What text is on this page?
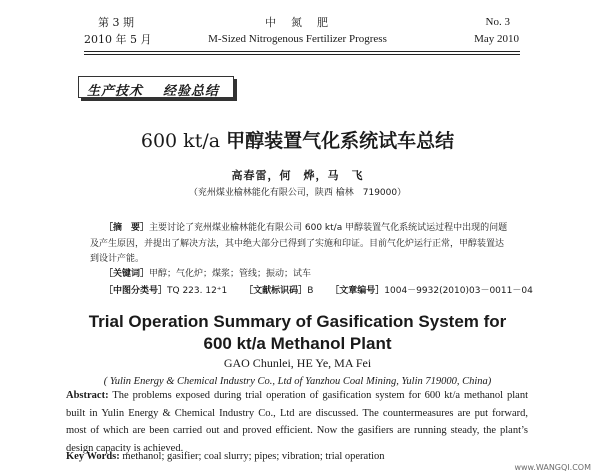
第 3 期
2010 年 5 月
中　氮　肥
M-Sized Nitrogenous Fertilizer Progress
No. 3
May 2010
生产技术 经验总结
600 kt/a 甲醇装置气化系统试车总结
高春雷，何　烨，马　飞
（兖州煤业榆林能化有限公司，陕西 榆林　719000）
［摘　要］主要讨论了兖州煤业榆林能化有限公司 600 kt/a 甲醇装置气化系统试运过程中出现的问题及产生原因，并提出了解决方法，其中绝大部分已得到了实施和印证。目前气化炉运行正常，甲醇装置达到设计产能。
［关键词］甲醇；气化炉；煤浆；管线；振动；试车
［中图分类号］TQ 223. 12⁺1 ［文献标识码］B ［文章编号］1004－9932(2010)03－0011－04
Trial Operation Summary of Gasification System for
600 kt/a Methanol Plant
GAO Chunlei, HE Ye, MA Fei
( Yulin Energy & Chemical Industry Co., Ltd of Yanzhou Coal Mining, Yulin 719000, China)
Abstract: The problems exposed during trial operation of gasification system for 600 kt/a methanol plant built in Yulin Energy & Chemical Industry Co., Ltd are discussed. The countermeasures are put forward, most of which are been carried out and proved efficient. Now the gasifiers are running steady, the plant’s design capacity is achieved.
Key Words: methanol; gasifier; coal slurry; pipes; vibration; trial operation
www.WANGQI.COM
